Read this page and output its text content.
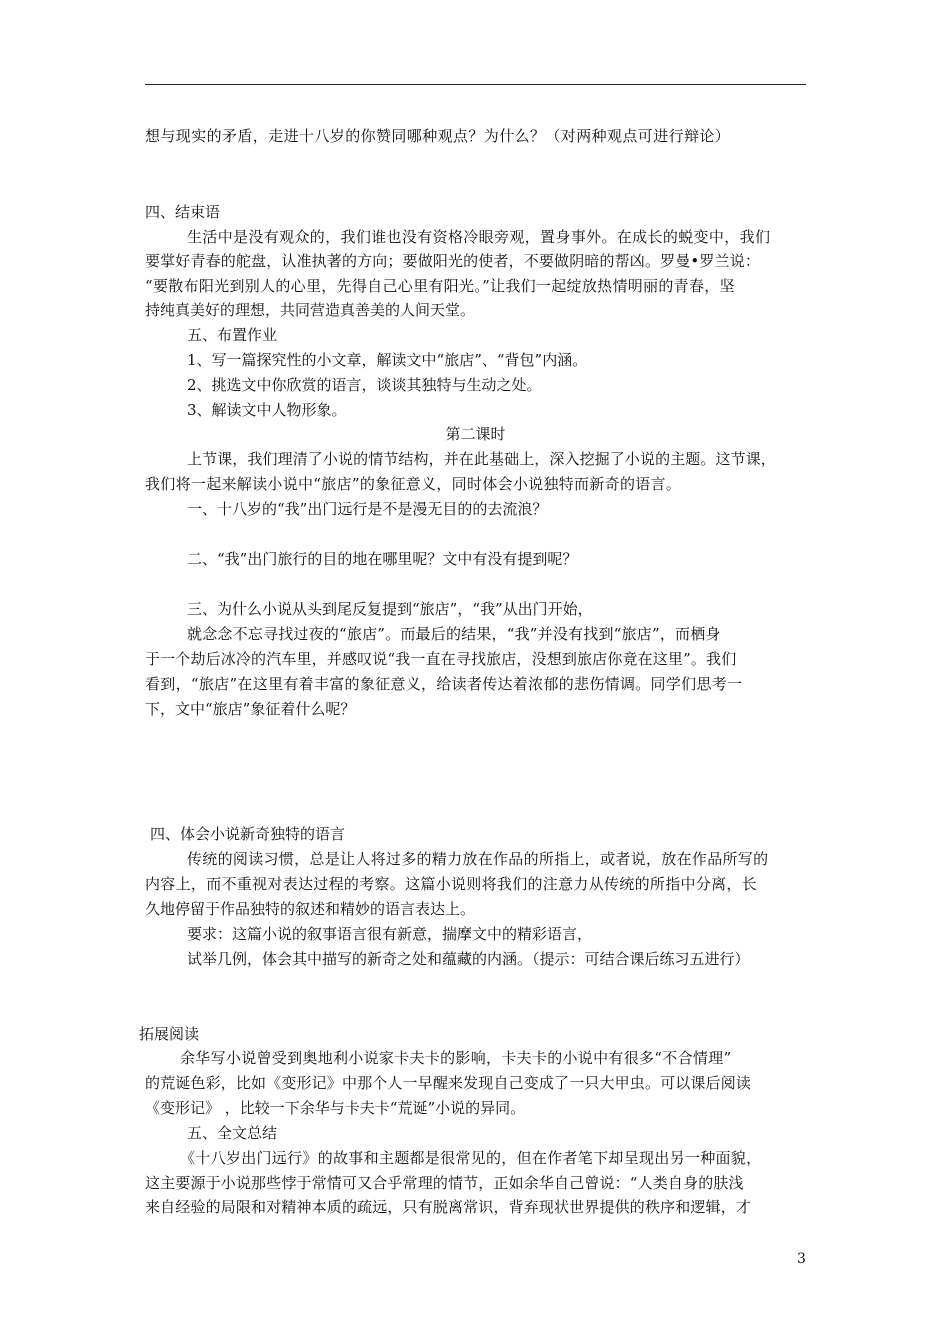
想与现实的矛盾，走进十八岁的你赞同哪种观点？为什么？（对两种观点可进行辩论）
四、结束语
生活中是没有观众的，我们谁也没有资格冷眼旁观，置身事外。在成长的蜕变中，我们
要掌好青春的舵盘，认准执著的方向；要做阳光的使者，不要做阴暗的帮凶。罗曼•罗兰说：
“要散布阳光到别人的心里，先得自己心里有阳光。”让我们一起绽放热情明丽的青春，坚
持纯真美好的理想，共同营造真善美的人间天堂。
五、布置作业
1、写一篇探究性的小文章，解读文中“旅店”、“背包”内涵。
2、挑选文中你欣赏的语言，谈谈其独特与生动之处。
3、解读文中人物形象。
第二课时
上节课，我们理清了小说的情节结构，并在此基础上，深入挖掘了小说的主题。这节课，
我们将一起来解读小说中“旅店”的象征意义，同时体会小说独特而新奇的语言。
一、十八岁的“我”出门远行是不是漫无目的的去流浪？
二、“我”出门旅行的目的地在哪里呢？文中有没有提到呢？
三、为什么小说从头到尾反复提到“旅店”，“我”从出门开始，
就念念不忘寻找过夜的“旅店”。而最后的结果，“我”并没有找到“旅店”，而栖身
于一个劫后冰冷的汽车里，并感叹说“我一直在寻找旅店，没想到旅店你竟在这里”。我们
看到，“旅店”在这里有着丰富的象征意义，给读者传达着浓郁的悲伤情调。同学们思考一
下，文中“旅店”象征着什么呢？
四、体会小说新奇独特的语言
传统的阅读习惯，总是让人将过多的精力放在作品的所指上，或者说，放在作品所写的
内容上，而不重视对表达过程的考察。这篇小说则将我们的注意力从传统的所指中分离，长
久地停留于作品独特的叙述和精妙的语言表达上。
要求：这篇小说的叙事语言很有新意，揣摩文中的精彩语言，
试举几例，体会其中描写的新奇之处和蕴藏的内涵。（提示：可结合课后练习五进行）
拓展阅读
余华写小说曾受到奥地利小说家卡夫卡的影响，卡夫卡的小说中有很多“不合情理”
的荒诞色彩，比如《变形记》中那个人一早醒来发现自己变成了一只大甲虫。可以课后阅读
《变形记》 ，比较一下余华与卡夫卡“荒诞”小说的异同。
五、全文总结
《十八岁出门远行》的故事和主题都是很常见的，但在作者笔下却呈现出另一种面貌，
这主要源于小说那些悖于常情可又合乎常理的情节，正如余华自己曾说：“人类自身的肤浅
来自经验的局限和对精神本质的疏远，只有脱离常识，背弃现状世界提供的秩序和逻辑，才
3
